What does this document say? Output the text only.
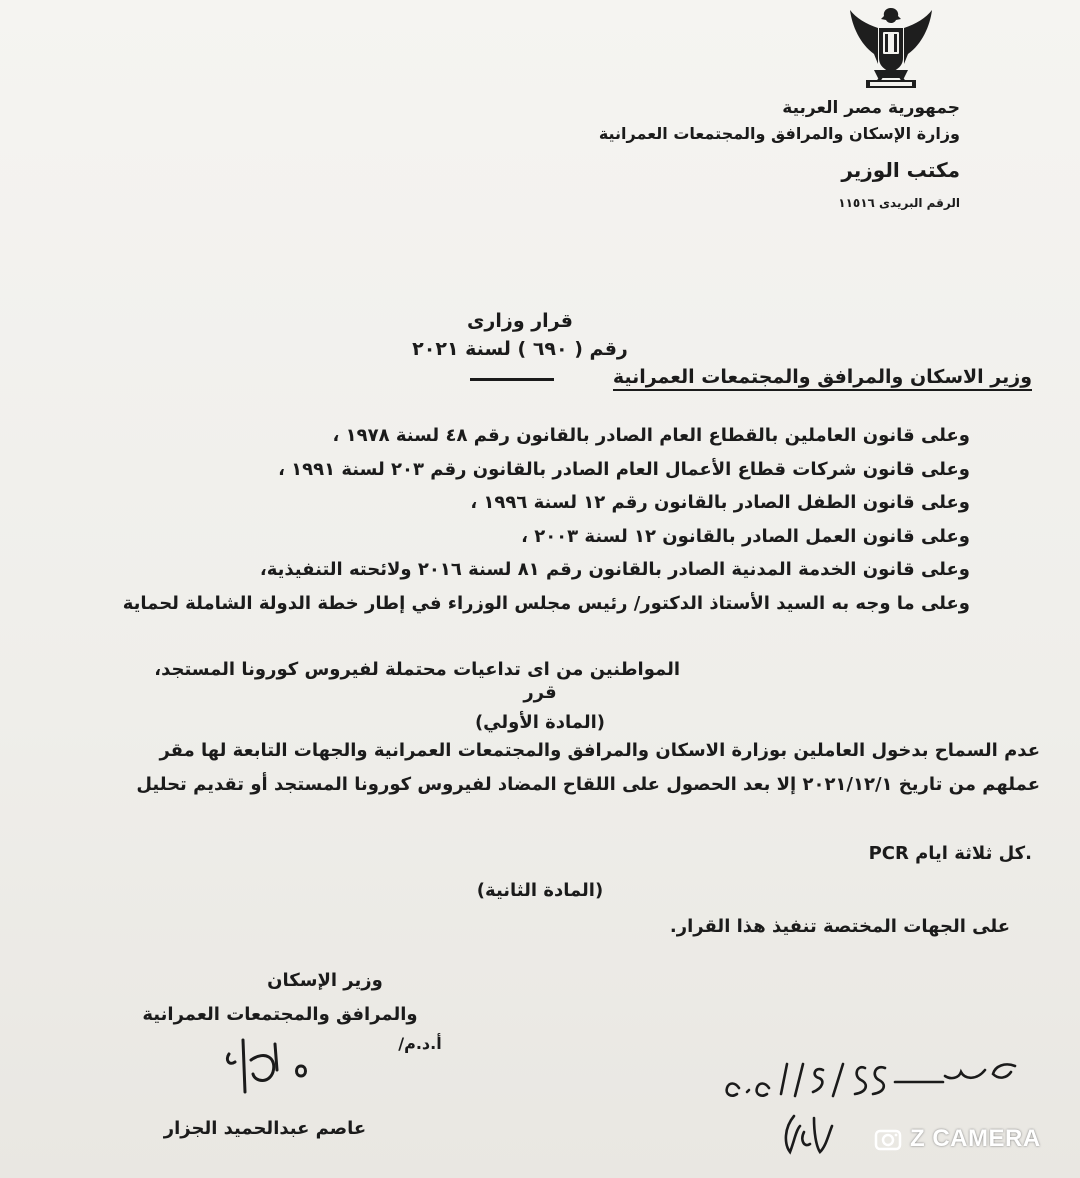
جمهورية مصر العربية
وزارة الإسكان والمرافق والمجتمعات العمرانية
مكتب الوزير
الرقم البريدى ١١٥١٦
قرار وزارى
رقم ( ٦٩٠ ) لسنة ٢٠٢١
وزير الاسكان والمرافق والمجتمعات العمرانية
وعلى قانون العاملين بالقطاع العام الصادر بالقانون رقم ٤٨ لسنة ١٩٧٨ ،
وعلى قانون شركات قطاع الأعمال العام الصادر بالقانون رقم ٢٠٣ لسنة ١٩٩١ ،
وعلى قانون الطفل الصادر بالقانون رقم ١٢ لسنة ١٩٩٦ ،
وعلى قانون العمل الصادر بالقانون ١٢ لسنة ٢٠٠٣ ،
وعلى قانون الخدمة المدنية الصادر بالقانون رقم ٨١ لسنة ٢٠١٦ ولائحته التنفيذية،
وعلى ما وجه به السيد الأستاذ الدكتور/ رئيس مجلس الوزراء في إطار خطة الدولة الشاملة لحماية
المواطنين من اى تداعيات محتملة لفيروس كورونا المستجد،
قرر
(المادة الأولي)
عدم السماح بدخول العاملين بوزارة الاسكان والمرافق والمجتمعات العمرانية والجهات التابعة لها مقر
عملهم من تاريخ ٢٠٢١/١٢/١ إلا بعد الحصول على اللقاح المضاد لفيروس كورونا المستجد أو تقديم تحليل
PCR كل ثلاثة ايام.
(المادة الثانية)
على الجهات المختصة تنفيذ هذا القرار.
وزير الإسكان
والمرافق والمجتمعات العمرانية
أ.د.م/
عاصم عبدالحميد الجزار	Z CAMERA
